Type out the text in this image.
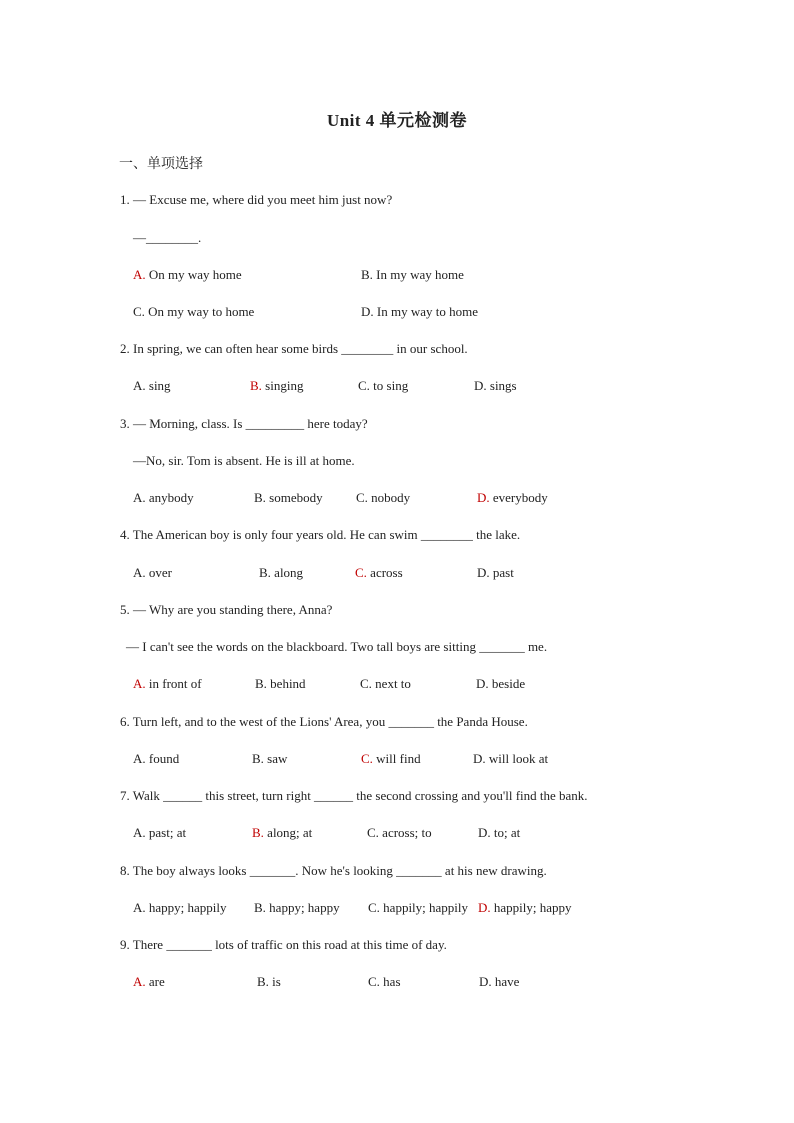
Unit 4 单元检测卷
一、单项选择
1. — Excuse me, where did you meet him just now?
—________.
A. On my way home	B. In my way home
C. On my way to home	D. In my way to home
2. In spring, we can often hear some birds ________ in our school.
A. sing	B. singing	C. to sing	D. sings
3. — Morning, class. Is _________ here today?
—No, sir. Tom is absent. He is ill at home.
A. anybody	B. somebody	C. nobody	D. everybody
4. The American boy is only four years old. He can swim ________ the lake.
A. over	B. along	C. across	D. past
5. — Why are you standing there, Anna?
— I can't see the words on the blackboard. Two tall boys are sitting _______ me.
A. in front of	B. behind	C. next to	D. beside
6. Turn left, and to the west of the Lions' Area, you _______ the Panda House.
A. found	B. saw	C. will find	D. will look at
7. Walk ______ this street, turn right ______ the second crossing and you'll find the bank.
A. past; at	B. along; at	C. across; to	D. to; at
8. The boy always looks _______. Now he's looking _______ at his new drawing.
A. happy; happily B. happy; happy C. happily; happily D. happily; happy
9. There _______ lots of traffic on this road at this time of day.
A. are	B. is	C. has	D. have
